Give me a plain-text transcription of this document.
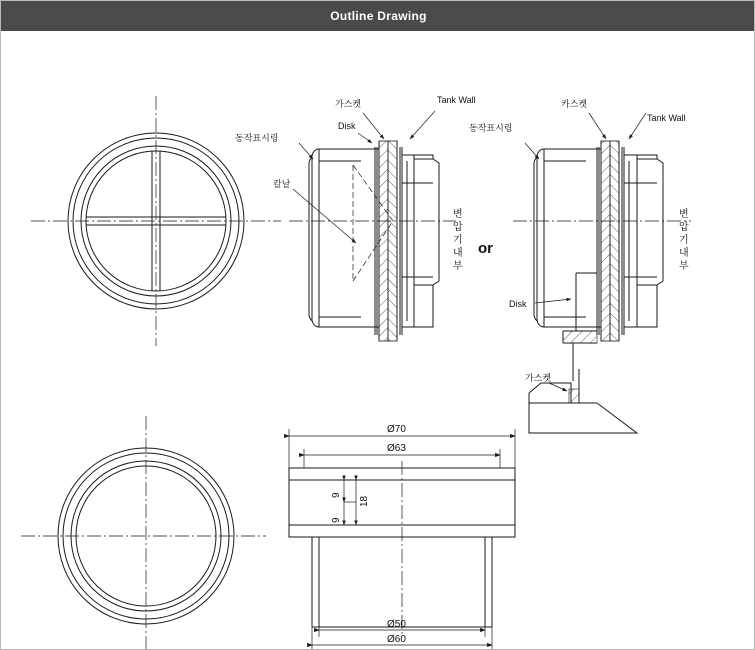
Outline Drawing
가스켓	Tank Wall
Disk
동작표시링
칼날
변 압 기 내 부
or
카스켓
Tank Wall
동작표시링
Disk
변 압 기 내 부
가스켓
Ø70
Ø63
18
9
9
Ø50
Ø60
